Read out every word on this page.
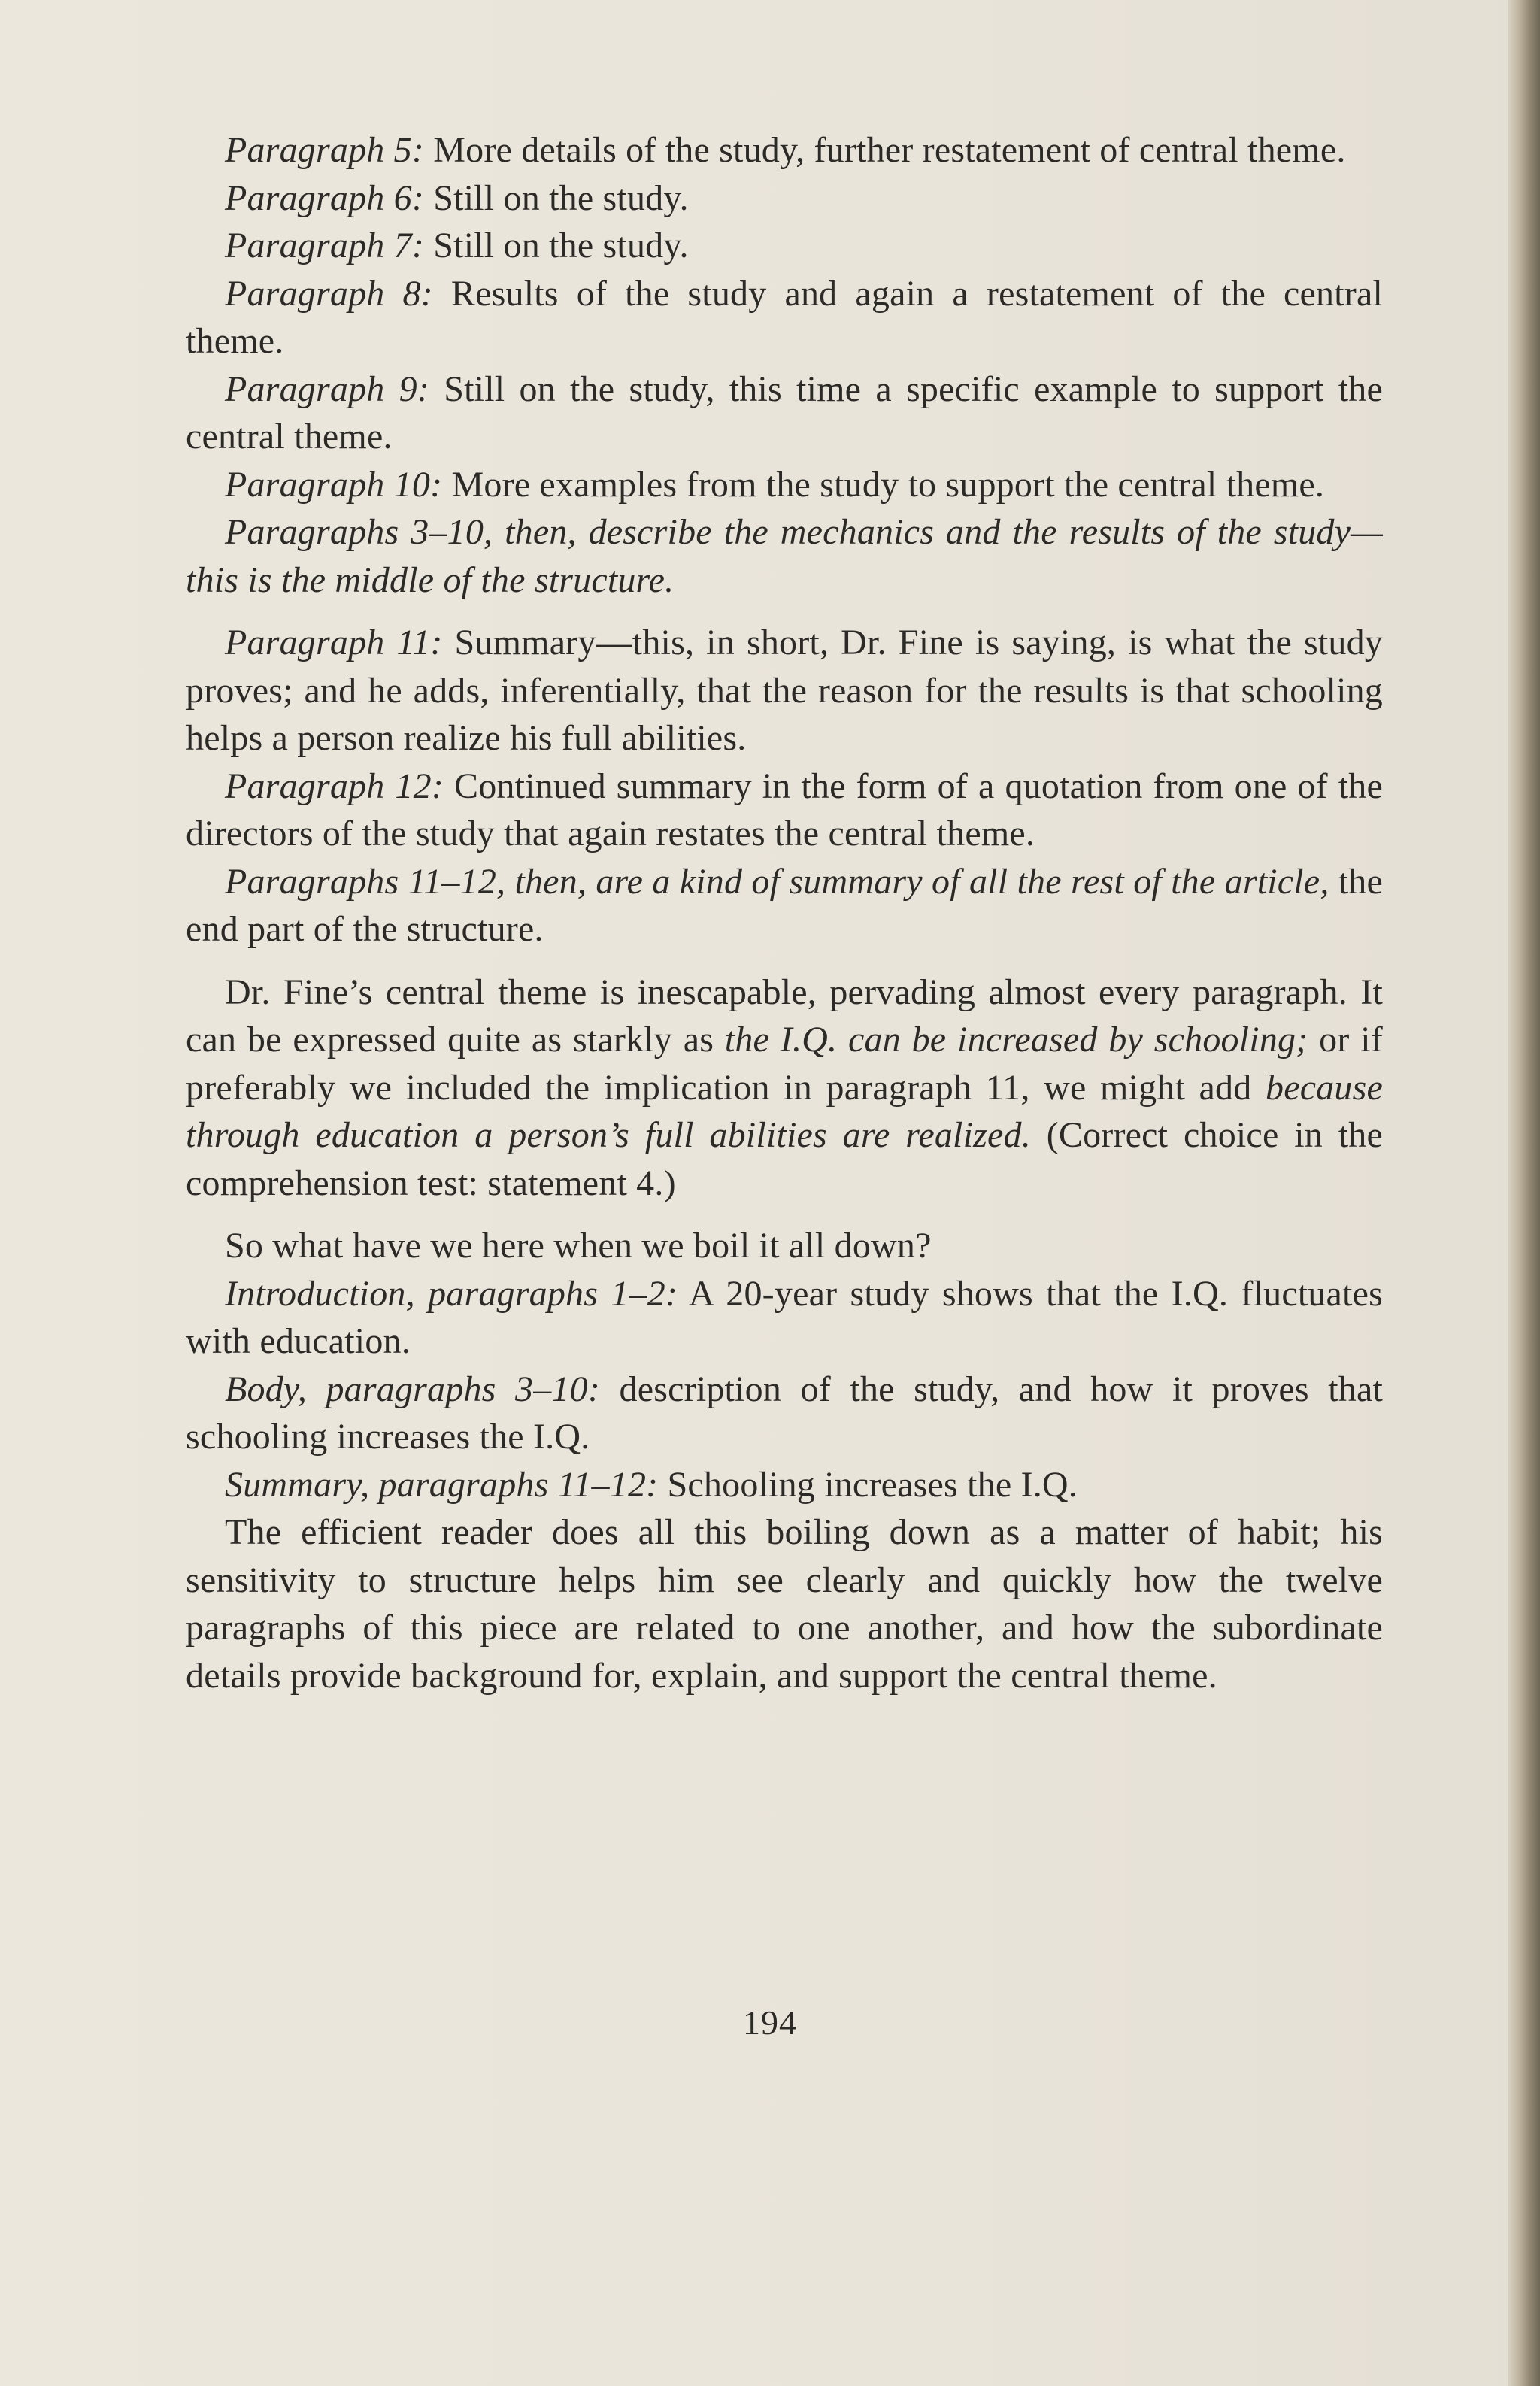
Paragraph 5: More details of the study, further restatement of central theme.

Paragraph 6: Still on the study.

Paragraph 7: Still on the study.

Paragraph 8: Results of the study and again a restatement of the central theme.

Paragraph 9: Still on the study, this time a specific example to support the central theme.

Paragraph 10: More examples from the study to support the central theme.

Paragraphs 3–10, then, describe the mechanics and the results of the study—this is the middle of the structure.

Paragraph 11: Summary—this, in short, Dr. Fine is saying, is what the study proves; and he adds, inferentially, that the reason for the results is that schooling helps a person realize his full abilities.

Paragraph 12: Continued summary in the form of a quotation from one of the directors of the study that again restates the central theme.

Paragraphs 11–12, then, are a kind of summary of all the rest of the article, the end part of the structure.

Dr. Fine’s central theme is inescapable, pervading almost every paragraph. It can be expressed quite as starkly as the I.Q. can be increased by schooling; or if preferably we included the implication in paragraph 11, we might add because through education a person’s full abilities are realized. (Correct choice in the comprehension test: statement 4.)

So what have we here when we boil it all down?

Introduction, paragraphs 1–2: A 20-year study shows that the I.Q. fluctuates with education.

Body, paragraphs 3–10: description of the study, and how it proves that schooling increases the I.Q.

Summary, paragraphs 11–12: Schooling increases the I.Q.

The efficient reader does all this boiling down as a matter of habit; his sensitivity to structure helps him see clearly and quickly how the twelve paragraphs of this piece are related to one another, and how the subordinate details provide background for, explain, and support the central theme.

194
